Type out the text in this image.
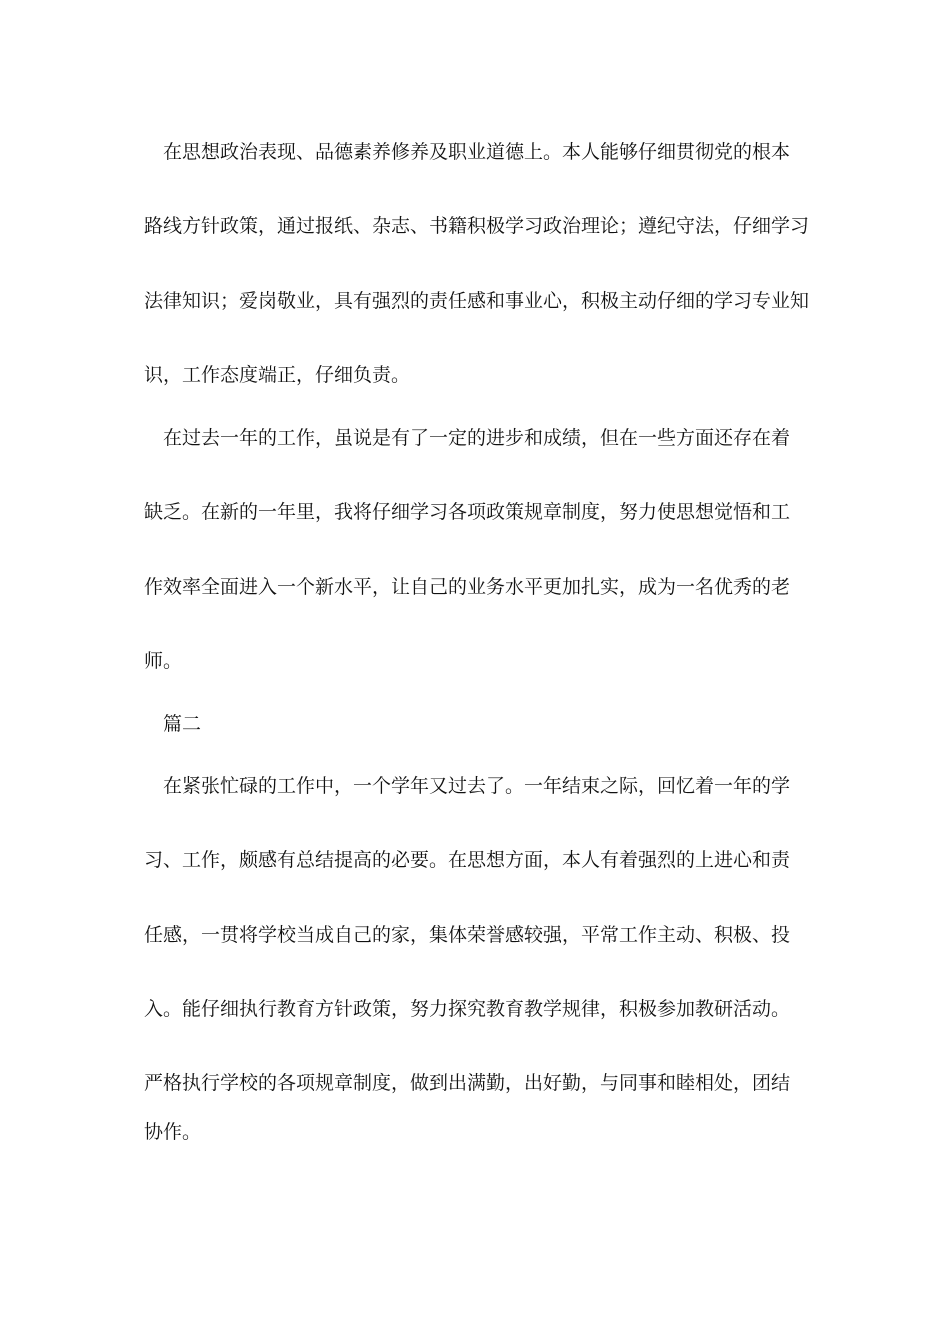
在思想政治表现、品德素养修养及职业道德上。本人能够仔细贯彻党的根本
路线方针政策，通过报纸、杂志、书籍积极学习政治理论；遵纪守法，仔细学习
法律知识；爱岗敬业，具有强烈的责任感和事业心，积极主动仔细的学习专业知
识，工作态度端正，仔细负责。
在过去一年的工作，虽说是有了一定的进步和成绩，但在一些方面还存在着
缺乏。在新的一年里，我将仔细学习各项政策规章制度，努力使思想觉悟和工
作效率全面进入一个新水平，让自己的业务水平更加扎实，成为一名优秀的老
师。
篇二
在紧张忙碌的工作中，一个学年又过去了。一年结束之际，回忆着一年的学
习、工作，颇感有总结提高的必要。在思想方面，本人有着强烈的上进心和责
任感，一贯将学校当成自己的家，集体荣誉感较强，平常工作主动、积极、投
入。能仔细执行教育方针政策，努力探究教育教学规律，积极参加教研活动。
严格执行学校的各项规章制度，做到出满勤，出好勤，与同事和睦相处，团结
协作。
